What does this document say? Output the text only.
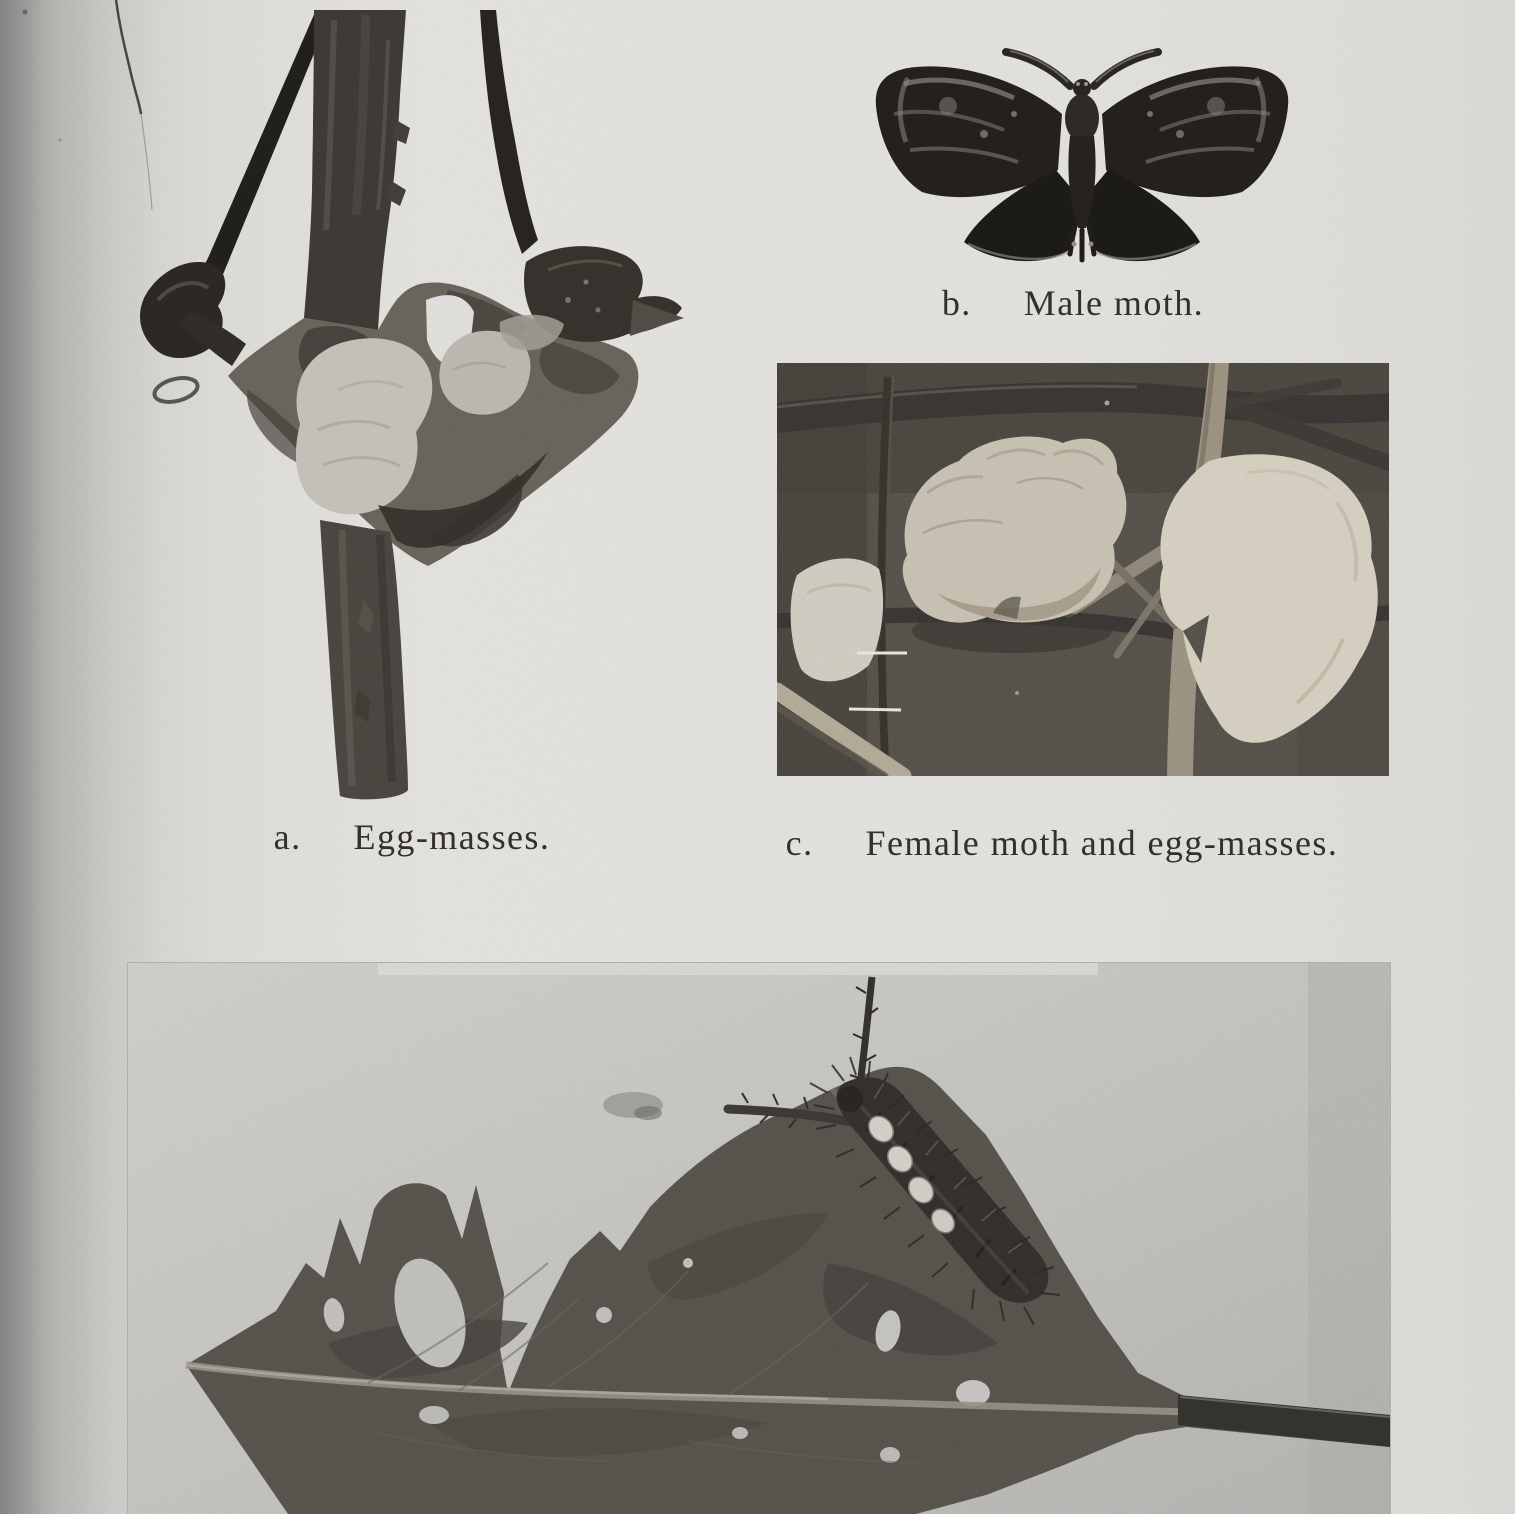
a. Egg-masses.
b. Male moth.
c. Female moth and egg-masses.
